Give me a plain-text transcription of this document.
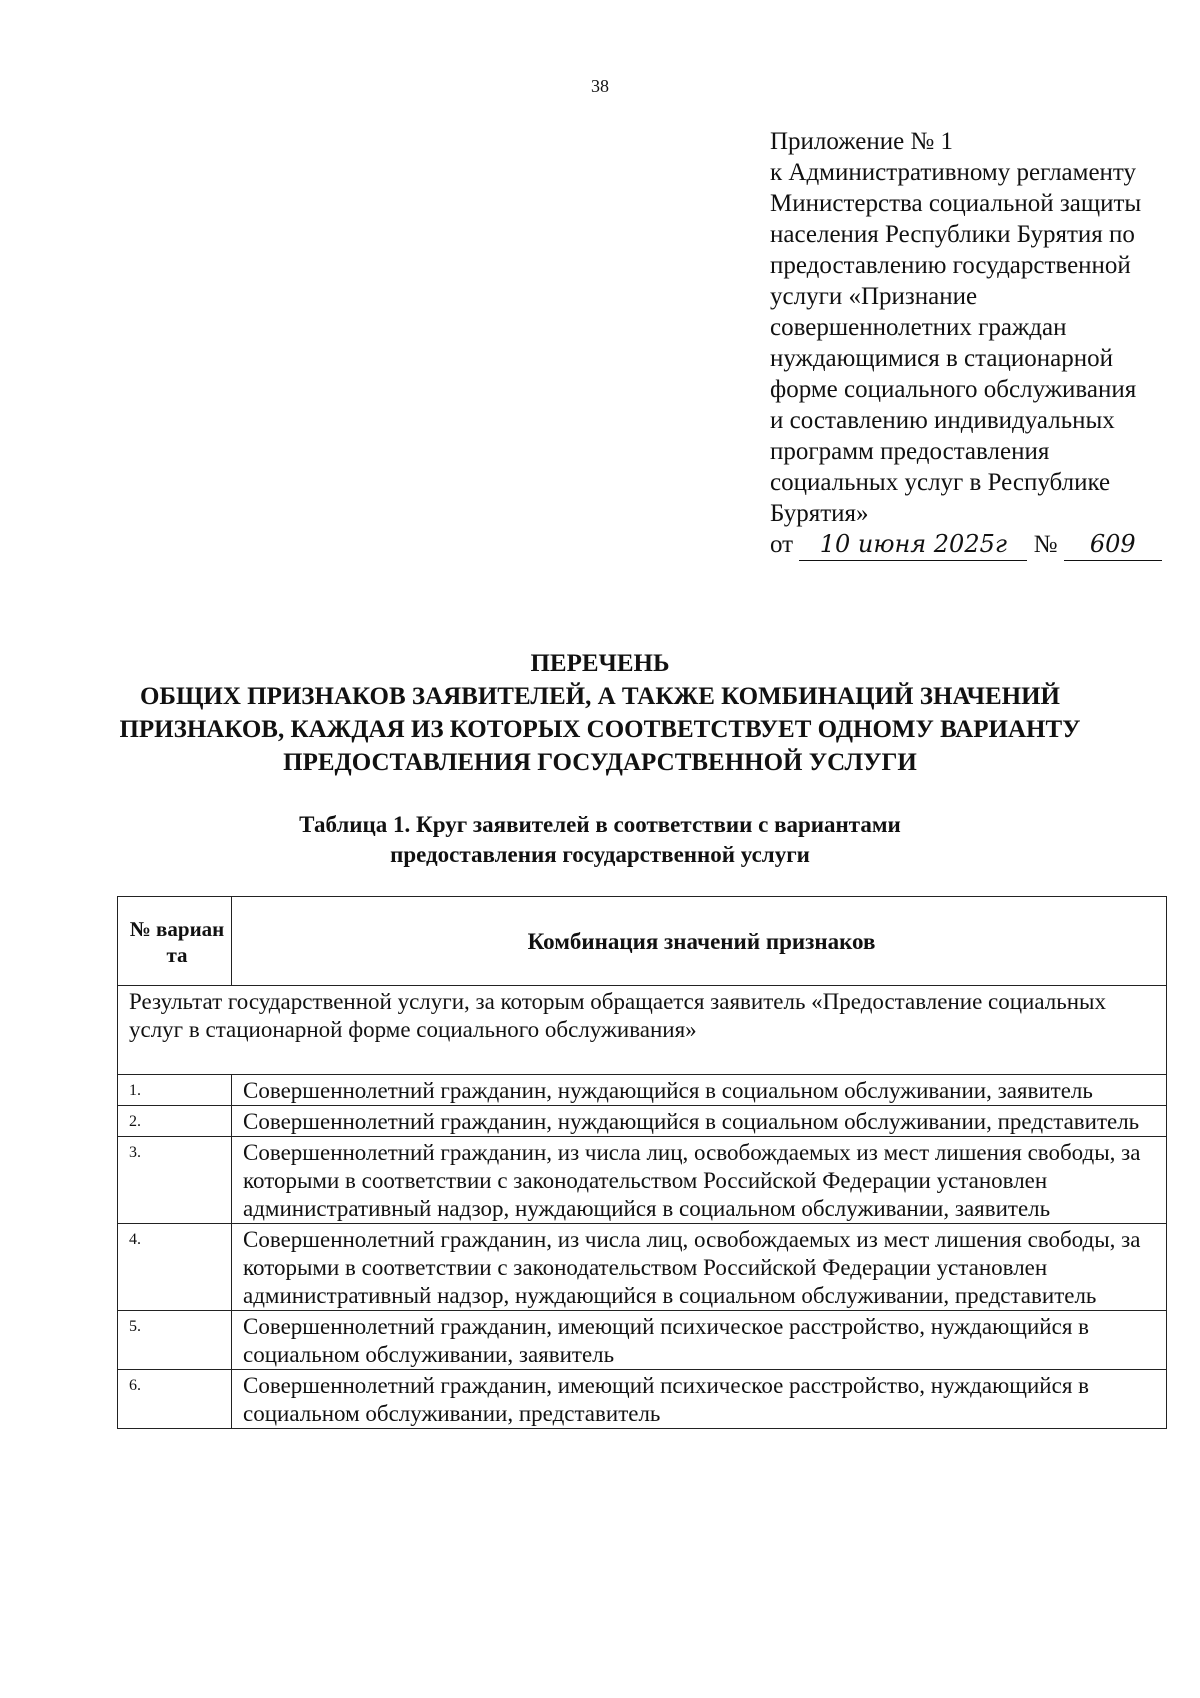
38
Приложение № 1
к Административному регламенту
Министерства социальной защиты
населения Республики Бурятия по
предоставлению государственной
услуги «Признание
совершеннолетних граждан
нуждающимися в стационарной
форме социального обслуживания
и составлению индивидуальных
программ предоставления
социальных услуг в Республике
Бурятия»
от 10 июня 2025г № 609
ПЕРЕЧЕНЬ
ОБЩИХ ПРИЗНАКОВ ЗАЯВИТЕЛЕЙ, А ТАКЖЕ КОМБИНАЦИЙ ЗНАЧЕНИЙ
ПРИЗНАКОВ, КАЖДАЯ ИЗ КОТОРЫХ СООТВЕТСТВУЕТ ОДНОМУ ВАРИАНТУ
ПРЕДОСТАВЛЕНИЯ ГОСУДАРСТВЕННОЙ УСЛУГИ
Таблица 1. Круг заявителей в соответствии с вариантами
предоставления государственной услуги
№ вариан та	Комбинация значений признаков
Результат государственной услуги, за которым обращается заявитель «Предоставление социальных услуг в стационарной форме социального обслуживания»	
1.	Совершеннолетний гражданин, нуждающийся в социальном обслуживании, заявитель
2.	Совершеннолетний гражданин, нуждающийся в социальном обслуживании, представитель
3.	Совершеннолетний гражданин, из числа лиц, освобождаемых из мест лишения свободы, за которыми в соответствии с законодательством Российской Федерации установлен административный надзор, нуждающийся в социальном обслуживании, заявитель
4.	Совершеннолетний гражданин, из числа лиц, освобождаемых из мест лишения свободы, за которыми в соответствии с законодательством Российской Федерации установлен административный надзор, нуждающийся в социальном обслуживании, представитель
5.	Совершеннолетний гражданин, имеющий психическое расстройство, нуждающийся в социальном обслуживании, заявитель
6.	Совершеннолетний гражданин, имеющий психическое расстройство, нуждающийся в социальном обслуживании, представитель
